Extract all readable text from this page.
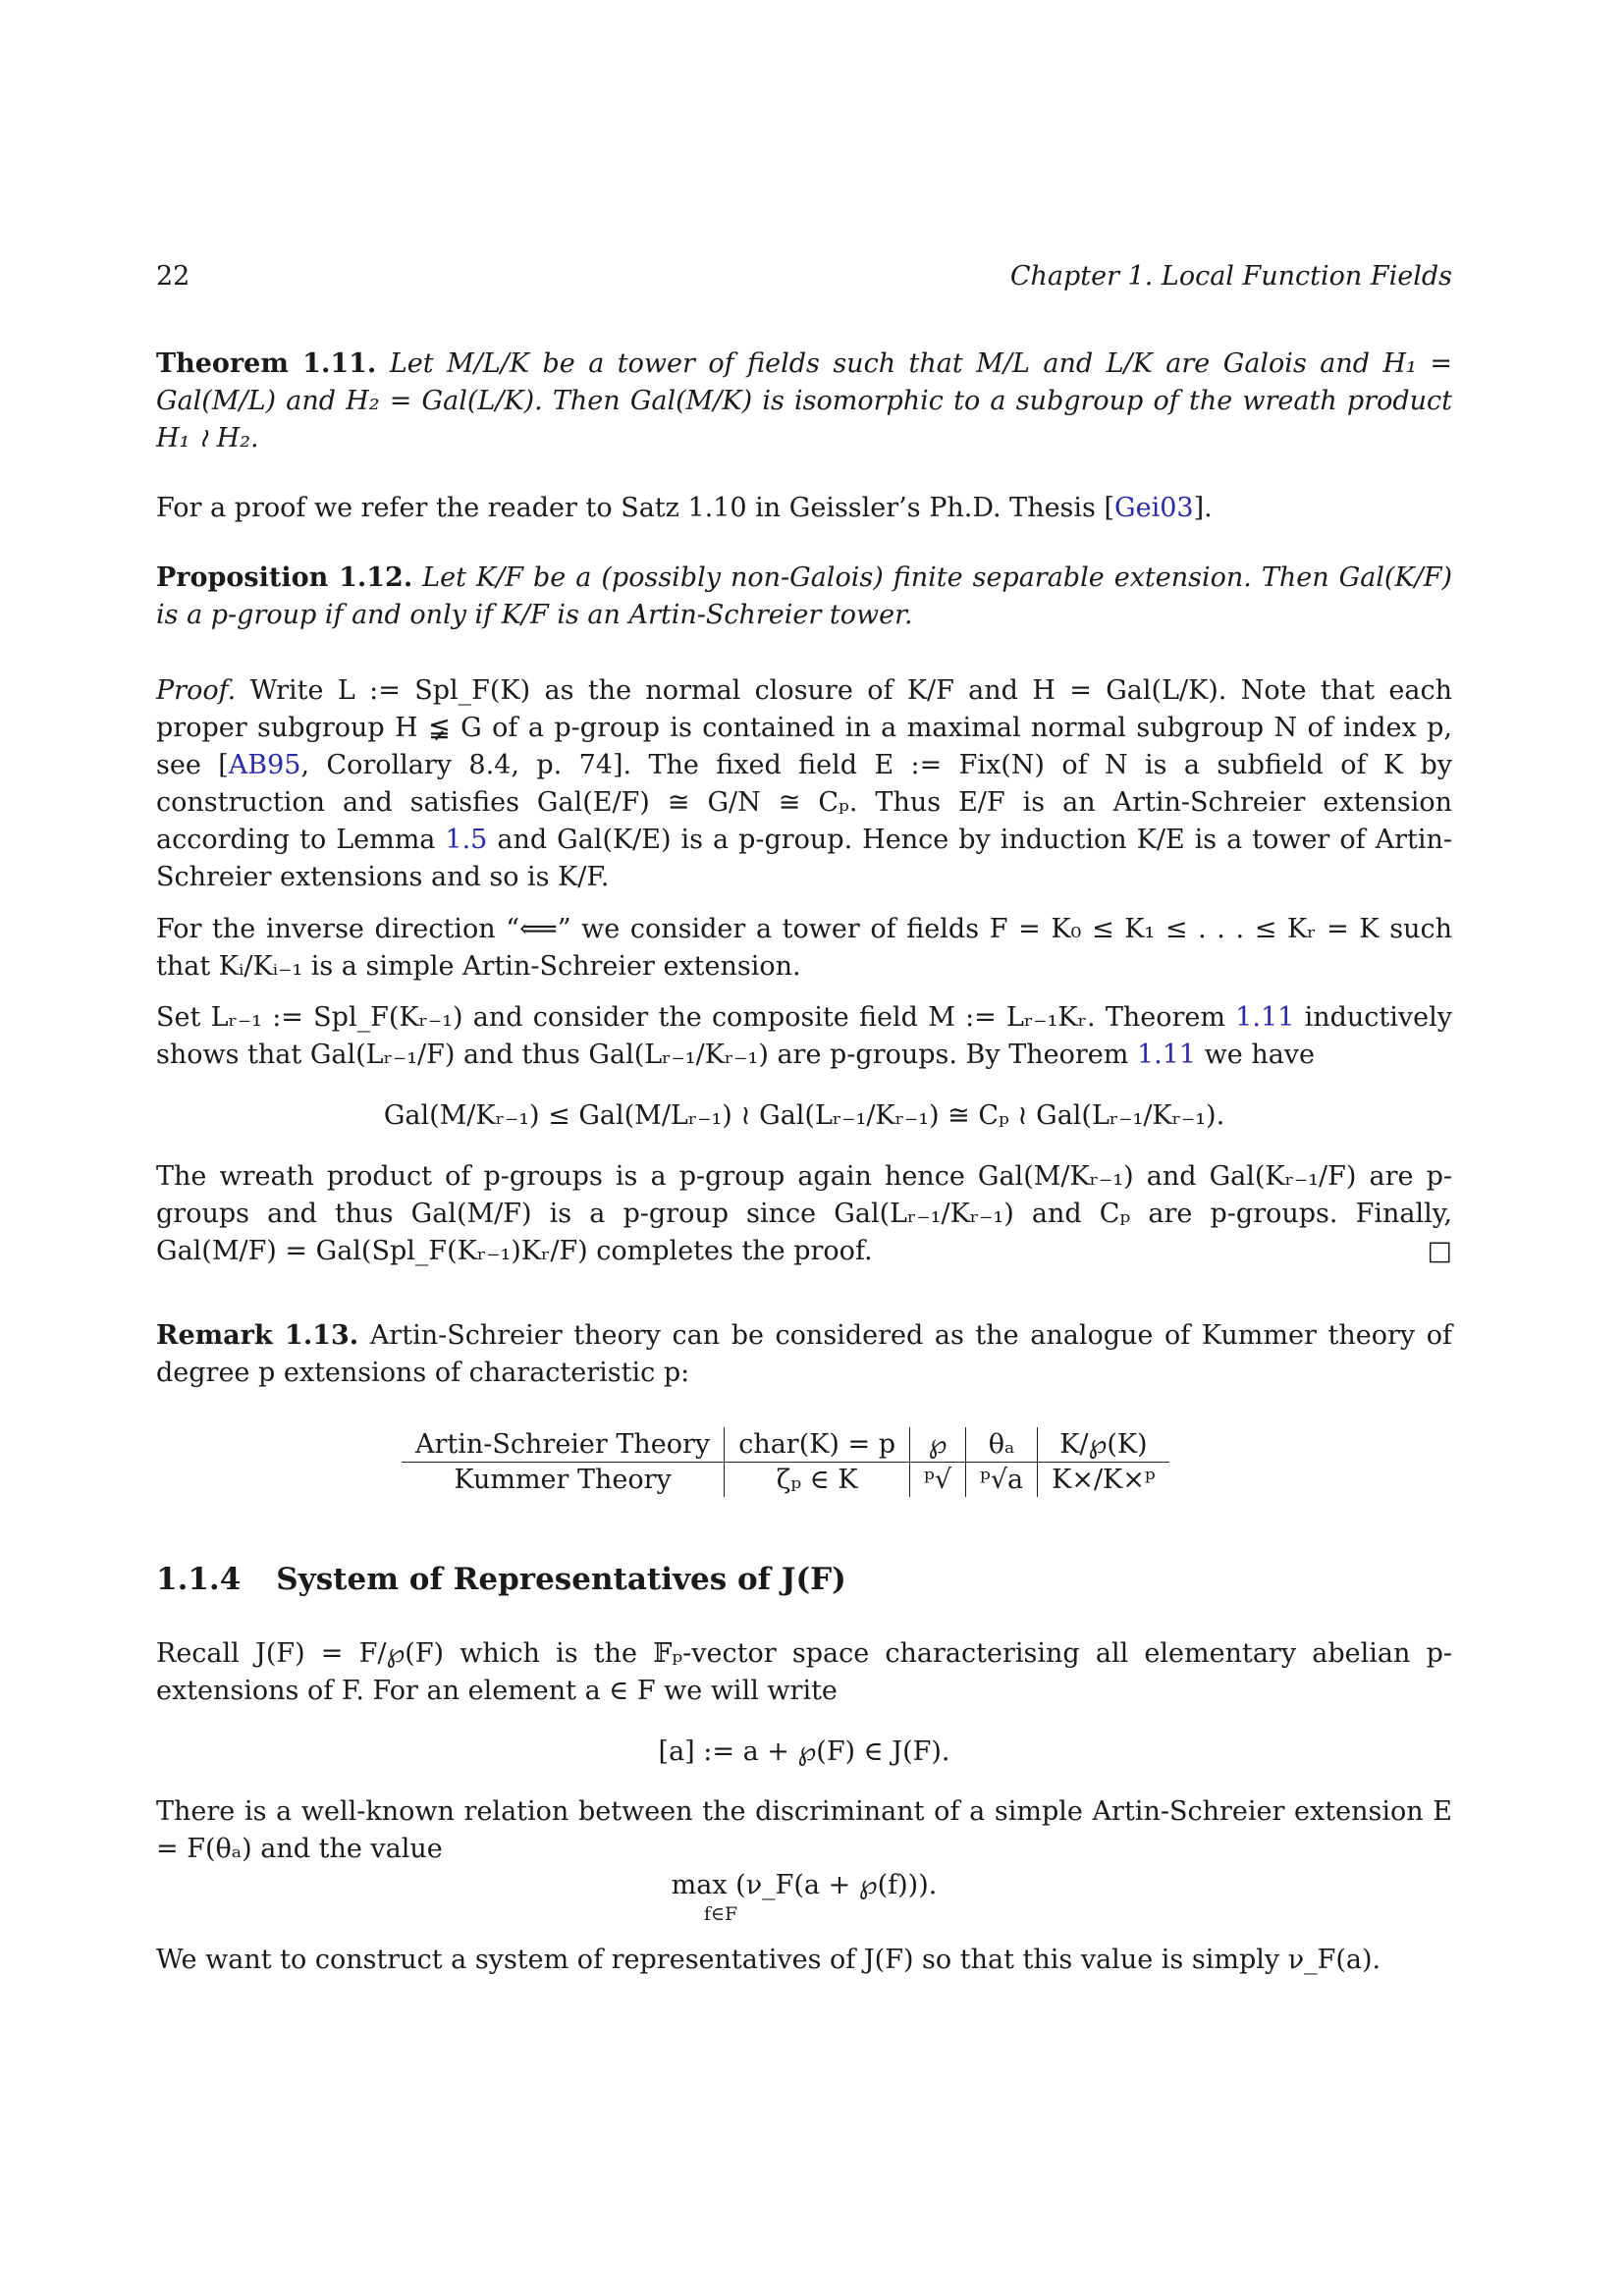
22	Chapter 1. Local Function Fields
Theorem 1.11. Let M/L/K be a tower of fields such that M/L and L/K are Galois and H₁ = Gal(M/L) and H₂ = Gal(L/K). Then Gal(M/K) is isomorphic to a subgroup of the wreath product H₁ ≀ H₂.
For a proof we refer the reader to Satz 1.10 in Geissler’s Ph.D. Thesis [Gei03].
Proposition 1.12. Let K/F be a (possibly non-Galois) finite separable extension. Then Gal(K/F) is a p-group if and only if K/F is an Artin-Schreier tower.
Proof. Write L := Spl_F(K) as the normal closure of K/F and H = Gal(L/K). Note that each proper subgroup H ≨ G of a p-group is contained in a maximal normal subgroup N of index p, see [AB95, Corollary 8.4, p. 74]. The fixed field E := Fix(N) of N is a subfield of K by construction and satisfies Gal(E/F) ≅ G/N ≅ Cₚ. Thus E/F is an Artin-Schreier extension according to Lemma 1.5 and Gal(K/E) is a p-group. Hence by induction K/E is a tower of Artin-Schreier extensions and so is K/F.
For the inverse direction “⟸” we consider a tower of fields F = K₀ ≤ K₁ ≤ . . . ≤ Kᵣ = K such that Kᵢ/Kᵢ₋₁ is a simple Artin-Schreier extension.
Set Lᵣ₋₁ := Spl_F(Kᵣ₋₁) and consider the composite field M := Lᵣ₋₁Kᵣ. Theorem 1.11 inductively shows that Gal(Lᵣ₋₁/F) and thus Gal(Lᵣ₋₁/Kᵣ₋₁) are p-groups. By Theorem 1.11 we have
Gal(M/Kᵣ₋₁) ≤ Gal(M/Lᵣ₋₁) ≀ Gal(Lᵣ₋₁/Kᵣ₋₁) ≅ Cₚ ≀ Gal(Lᵣ₋₁/Kᵣ₋₁).
The wreath product of p-groups is a p-group again hence Gal(M/Kᵣ₋₁) and Gal(Kᵣ₋₁/F) are p-groups and thus Gal(M/F) is a p-group since Gal(Lᵣ₋₁/Kᵣ₋₁) and Cₚ are p-groups. Finally, Gal(M/F) = Gal(Spl_F(Kᵣ₋₁)Kᵣ/F) completes the proof.	□
Remark 1.13. Artin-Schreier theory can be considered as the analogue of Kummer theory of degree p extensions of characteristic p:
Artin-Schreier Theory	char(K) = p	℘	θₐ	K/℘(K)
Kummer Theory	ζₚ ∈ K	ᵖ√	ᵖ√a	K×/K×ᵖ
1.1.4 System of Representatives of J(F)
Recall J(F) = F/℘(F) which is the 𝔽ₚ-vector space characterising all elementary abelian p-extensions of F. For an element a ∈ F we will write
[a] := a + ℘(F) ∈ J(F).
There is a well-known relation between the discriminant of a simple Artin-Schreier extension E = F(θₐ) and the value
max (ν_F(a + ℘(f))).
f∈F
We want to construct a system of representatives of J(F) so that this value is simply ν_F(a).
